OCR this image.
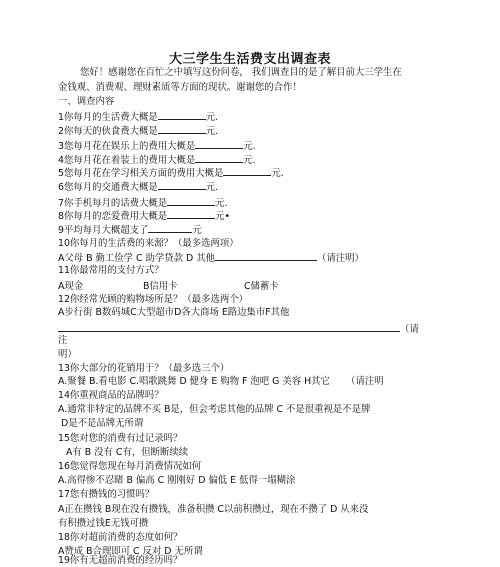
大三学生生活费支出调查表
您好！感谢您在百忙之中填写这份问卷， 我们调查目的是了解目前大三学生在
金钱观、消费观、理财素质等方面的现状。谢谢您的合作！
一、调查内容
1你每月的生活费大概是	元.
2你每天的伙食费大概是	元.
3您每月花在娱乐上的费用大概是	元.
4您每月花在着装上的费用大概是	元.
5您每月花在学习相关方面的费用大概是	元.
6您每月的交通费大概是	元.
7你手机每月的话费大概是	元.
8你每月的恋爱费用大概是	元•
9平均每月大概超支了	元
10你每月的生活费的来源？（最多选两项）
A父母 B 勤工俭学 C 助学贷款 D 其他	（请注明）
11你最常用的支付方式？
A现金	B信用卡	C储蓄卡
12你经常光顾的购物场所是？（最多选两个）
A步行街 B数码城C大型超市D各大商场 E路边集市F其他
（请
注
明）
13你大部分的花销用于？（最多选三个）
A.聚餐 B.看电影 C.唱歌跳舞 D 健身 E 购物 F 泡吧 G 美容 H其它 （请注明
14你重视商品的品牌吗？
A.通常非特定的品牌不买 B是，但会考虑其他的品牌 C 不是很重视是不是牌
D是不是品牌无所谓
15您对您的消费有过记录吗？
A有 B 没有 C有，但断断续续
16您觉得您现在每月消费情况如何
A.高得惨不忍睹 B 偏高 C 刚刚好 D 偏低 E 低得一塌糊涂
17您有攒钱的习惯吗？
A正在攒钱 B现在没有攒钱，准备积攒 C以前积攒过，现在不攒了 D 从来没
有积攒过钱E无钱可攒
18你对超前消费的态度如何？
A赞成 B合理即可 C 反对 D 无所谓
19你有无超前消费的经历吗？
